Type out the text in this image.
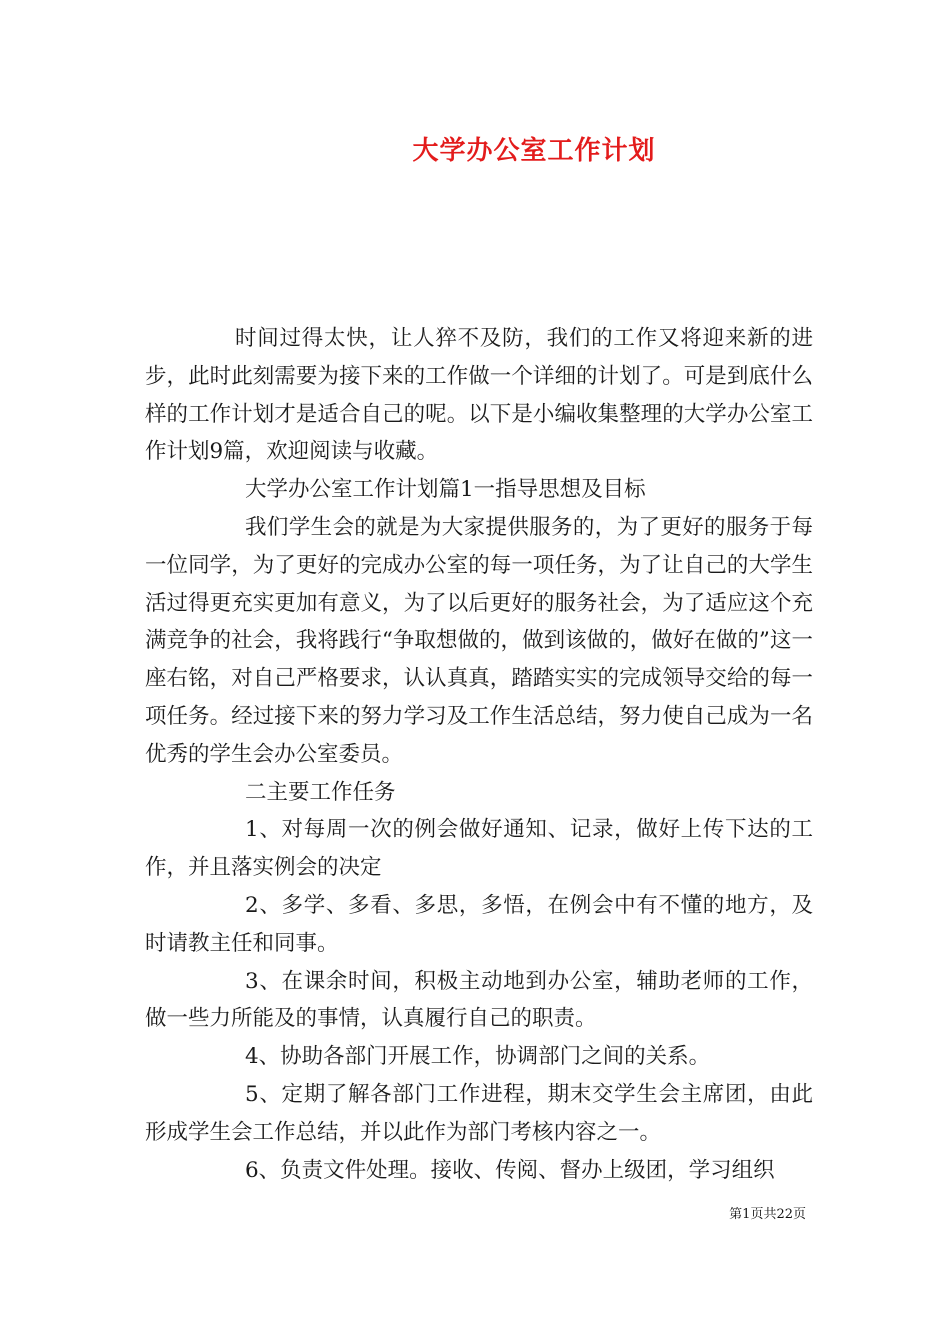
大学办公室工作计划

时间过得太快，让人猝不及防，我们的工作又将迎来新的进步，此时此刻需要为接下来的工作做一个详细的计划了。可是到底什么样的工作计划才是适合自己的呢。以下是小编收集整理的大学办公室工作计划9篇，欢迎阅读与收藏。

大学办公室工作计划篇1一指导思想及目标

我们学生会的就是为大家提供服务的，为了更好的服务于每一位同学，为了更好的完成办公室的每一项任务，为了让自己的大学生活过得更充实更加有意义，为了以后更好的服务社会，为了适应这个充满竞争的社会，我将践行“争取想做的，做到该做的，做好在做的”这一座右铭，对自己严格要求，认认真真，踏踏实实的完成领导交给的每一项任务。经过接下来的努力学习及工作生活总结，努力使自己成为一名优秀的学生会办公室委员。

二主要工作任务

1、对每周一次的例会做好通知、记录，做好上传下达的工作，并且落实例会的决定

2、多学、多看、多思，多悟，在例会中有不懂的地方，及时请教主任和同事。

3、在课余时间，积极主动地到办公室，辅助老师的工作，做一些力所能及的事情，认真履行自己的职责。

4、协助各部门开展工作，协调部门之间的关系。

5、定期了解各部门工作进程，期末交学生会主席团，由此形成学生会工作总结，并以此作为部门考核内容之一。

6、负责文件处理。接收、传阅、督办上级团，学习组织

第1页共22页
